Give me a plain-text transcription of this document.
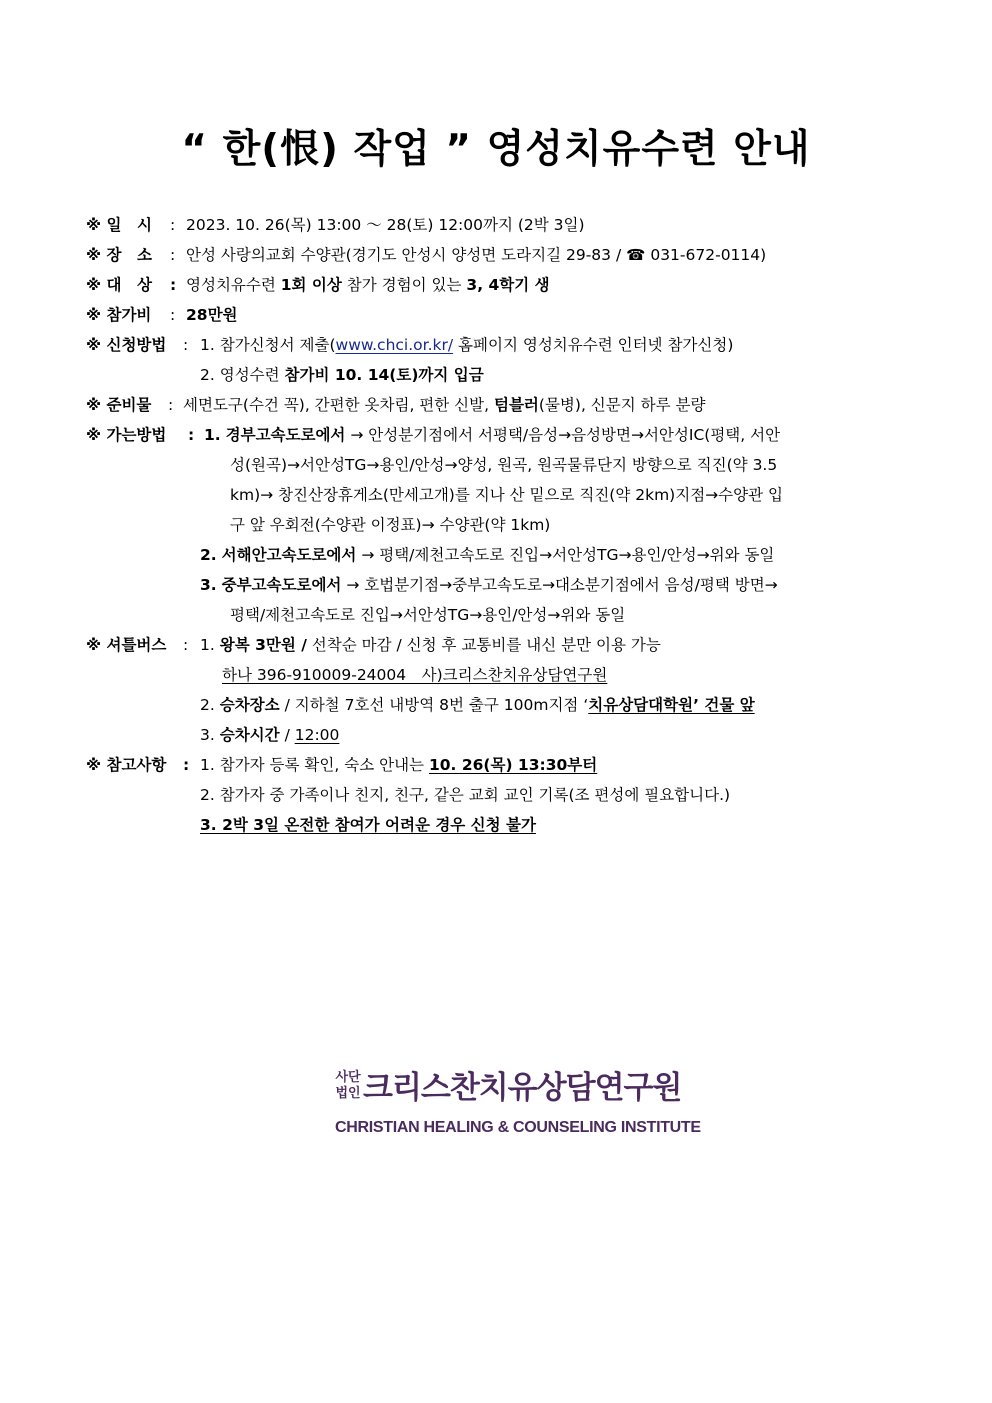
“ 한(恨) 작업 ” 영성치유수련 안내
※ 일　시 : 2023. 10. 26(목) 13:00 ～ 28(토) 12:00까지 (2박 3일)
※ 장　소 : 안성 사랑의교회 수양관(경기도 안성시 양성면 도라지길 29-83 / ☎ 031-672-0114)
※ 대　상 : 영성치유수련 1회 이상 참가 경험이 있는 3, 4학기 생
※ 참가비 : 28만원
※ 신청방법 : 1. 참가신청서 제출(www.chci.or.kr/ 홈페이지 영성치유수련 인터넷 참가신청)
2. 영성수련 참가비 10. 14(토)까지 입금
※ 준비물 : 세면도구(수건 꼭), 간편한 옷차림, 편한 신발, 텀블러(물병), 신문지 하루 분량
※ 가는방법 : 1. 경부고속도로에서 → 안성분기점에서 서평택/음성→음성방면→서안성IC(평택, 서안
성(원곡)→서안성TG→용인/안성→양성, 원곡, 원곡물류단지 방향으로 직진(약 3.5
km)→ 창진산장휴게소(만세고개)를 지나 산 밑으로 직진(약 2km)지점→수양관 입
구 앞 우회전(수양관 이정표)→ 수양관(약 1km)
2. 서해안고속도로에서 → 평택/제천고속도로 진입→서안성TG→용인/안성→위와 동일
3. 중부고속도로에서 → 호법분기점→중부고속도로→대소분기점에서 음성/평택 방면→
평택/제천고속도로 진입→서안성TG→용인/안성→위와 동일
※ 셔틀버스 : 1. 왕복 3만원 / 선착순 마감 / 신청 후 교통비를 내신 분만 이용 가능
하나 396-910009-24004　사)크리스찬치유상담연구원
2. 승차장소 / 지하철 7호선 내방역 8번 출구 100m지점 ‘치유상담대학원’ 건물 앞
3. 승차시간 / 12:00
※ 참고사항 : 1. 참가자 등록 확인, 숙소 안내는 10. 26(목) 13:30부터
2. 참가자 중 가족이나 친지, 친구, 같은 교회 교인 기록(조 편성에 필요합니다.)
3. 2박 3일 온전한 참여가 어려운 경우 신청 불가
사단
법인 크리스찬치유상담연구원
CHRISTIAN HEALING & COUNSELING INSTITUTE
